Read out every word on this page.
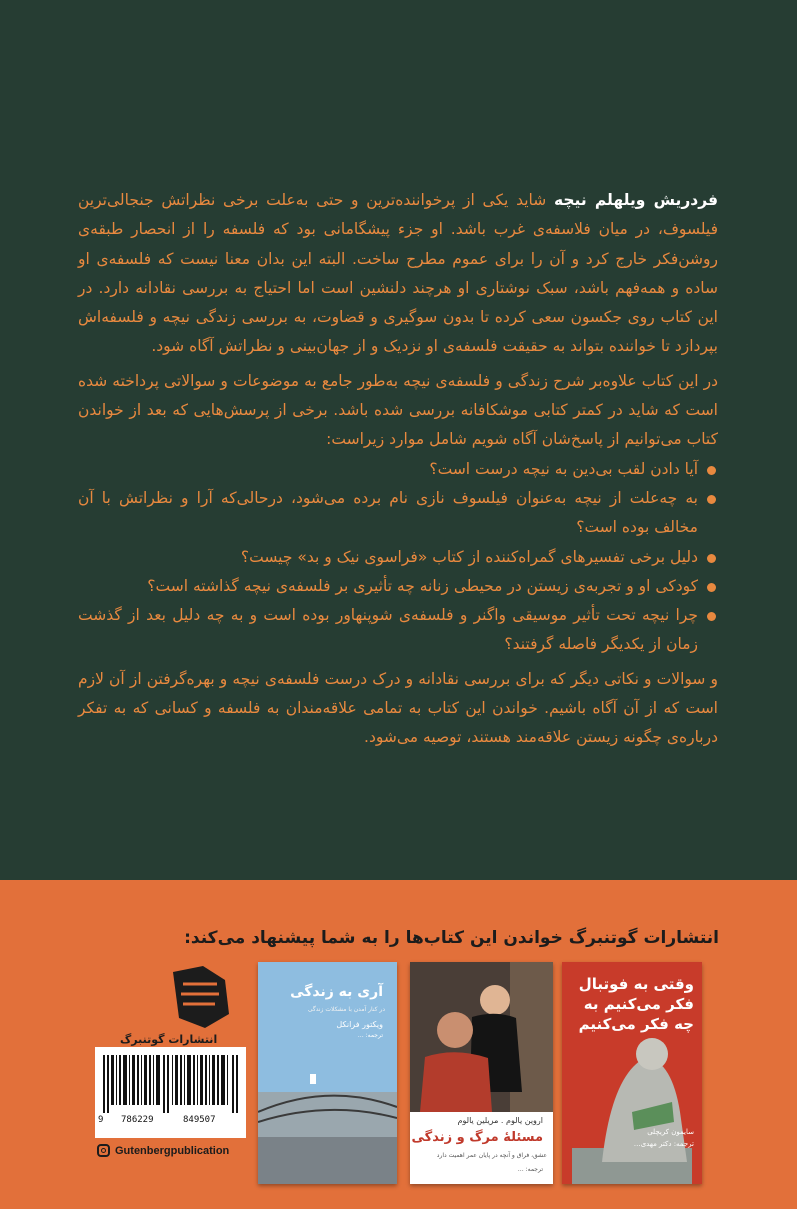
فردریش ویلهلم نیچه شاید یکی از پرخواننده‌ترین و حتی به‌علت برخی نظراتش جنجالی‌ترین فیلسوف، در میان فلاسفه‌ی غرب باشد. او جزء پیشگامانی بود که فلسفه را از انحصار طبقه‌ی روشن‌فکر خارج کرد و آن را برای عموم مطرح ساخت. البته این بدان معنا نیست که فلسفه‌ی او ساده و همه‌فهم باشد، سبک نوشتاری او هرچند دلنشین است اما احتیاج به بررسی نقادانه دارد. در این کتاب روی جکسون سعی کرده تا بدون سوگیری و قضاوت، به بررسی زندگی نیچه و فلسفه‌اش بپردازد تا خواننده بتواند به حقیقت فلسفه‌ی او نزدیک و از جهان‌بینی و نظراتش آگاه شود.

در این کتاب علاوه‌بر شرح زندگی و فلسفه‌ی نیچه به‌طور جامع به موضوعات و سوالاتی پرداخته شده است که شاید در کمتر کتابی موشکافانه بررسی شده باشد. برخی از پرسش‌هایی که بعد از خواندن کتاب می‌توانیم از پاسخ‌شان آگاه شویم شامل موارد زیراست:

آیا دادن لقب بی‌دین به نیچه درست است؟
به چه‌علت از نیچه به‌عنوان فیلسوف نازی نام برده می‌شود، درحالی‌که آرا و نظراتش با آن مخالف بوده است؟
دلیل برخی تفسیرهای گمراه‌کننده از کتاب «فراسوی نیک و بد» چیست؟
کودکی او و تجربه‌ی زیستن در محیطی زنانه چه تأثیری بر فلسفه‌ی نیچه گذاشته است؟
چرا نیچه تحت تأثیر موسیقی واگنر و فلسفه‌ی شوپنهاور بوده است و به چه دلیل بعد از گذشت زمان از یکدیگر فاصله گرفتند؟

و سوالات و نکاتی دیگر که برای بررسی نقادانه و درک درست فلسفه‌ی نیچه و بهره‌گرفتن از آن لازم است که از آن آگاه باشیم. خواندن این کتاب به تمامی علاقه‌مندان به فلسفه و کسانی که به تفکر درباره‌ی چگونه زیستن علاقه‌مند هستند، توصیه می‌شود.

انتشارات گوتنبرگ خواندن این کتاب‌ها را به شما پیشنهاد می‌کند:
وقتی به فوتبال فکر می‌کنیم به چه فکر می‌کنیم
سایمون کریچلی
ترجمه: دکتر مهدی…
اروین یالوم . مریلین یالوم
مسئلهٔ مرگ و زندگی
عشق، فراق و آنچه در پایان عمر اهمیت دارد
ترجمه: …
آری به زندگی
در کنار آمدن با مشکلات زندگی
ویکتور فرانکل
ترجمه: …
انتشارات گوتنبرگ
9 786229	849507
Gutenbergpublication
